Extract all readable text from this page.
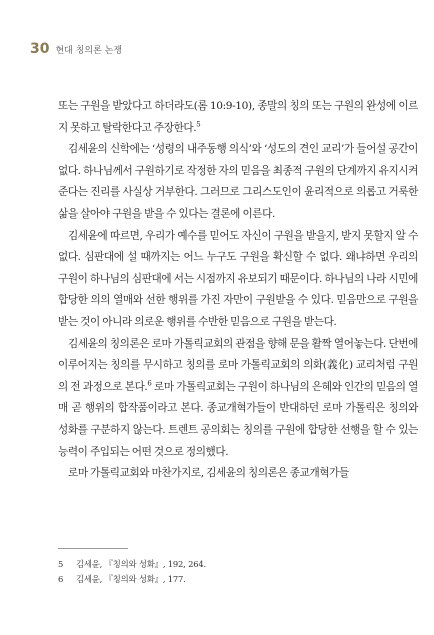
30 현대 칭의론 논쟁

또는 구원을 받았다고 하더라도(롬 10:9-10), 종말의 칭의 또는 구원의 완성에 이르지 못하고 탈락한다고 주장한다.$^5$

김세윤의 신학에는 ‘성령의 내주동행 의식’와 ‘성도의 견인 교리’가 들어설 공간이 없다. 하나님께서 구원하기로 작정한 자의 믿음을 최종적 구원의 단계까지 유지시켜 준다는 진리를 사실상 거부한다. 그러므로 그리스도인이 윤리적으로 의롭고 거룩한 삶을 살아야 구원을 받을 수 있다는 결론에 이른다.

김세윤에 따르면, 우리가 예수를 믿어도 자신이 구원을 받을지, 받지 못할지 알 수 없다. 심판대에 설 때까지는 어느 누구도 구원을 확신할 수 없다. 왜냐하면 우리의 구원이 하나님의 심판대에 서는 시점까지 유보되기 때문이다. 하나님의 나라 시민에 합당한 의의 열매와 선한 행위를 가진 자만이 구원받을 수 있다. 믿음만으로 구원을 받는 것이 아니라 의로운 행위를 수반한 믿음으로 구원을 받는다.

김세윤의 칭의론은 로마 가톨릭교회의 관점을 향해 문을 활짝 열어놓는다. 단번에 이루어지는 칭의를 무시하고 칭의를 로마 가톨릭교회의 의화(義化) 교리처럼 구원의 전 과정으로 본다.$^6$ 로마 가톨릭교회는 구원이 하나님의 은혜와 인간의 믿음의 열매 곧 행위의 합작품이라고 본다. 종교개혁가들이 반대하던 로마 가톨릭은 칭의와 성화를 구분하지 않는다. 트렌트 공의회는 칭의를 구원에 합당한 선행을 할 수 있는 능력이 주입되는 어떤 것으로 정의했다.

로마 가톨릭교회와 마찬가지로, 김세윤의 칭의론은 종교개혁가들

5 김세윤, 『칭의와 성화』, 192, 264.
6 김세윤, 『칭의와 성화』, 177.
